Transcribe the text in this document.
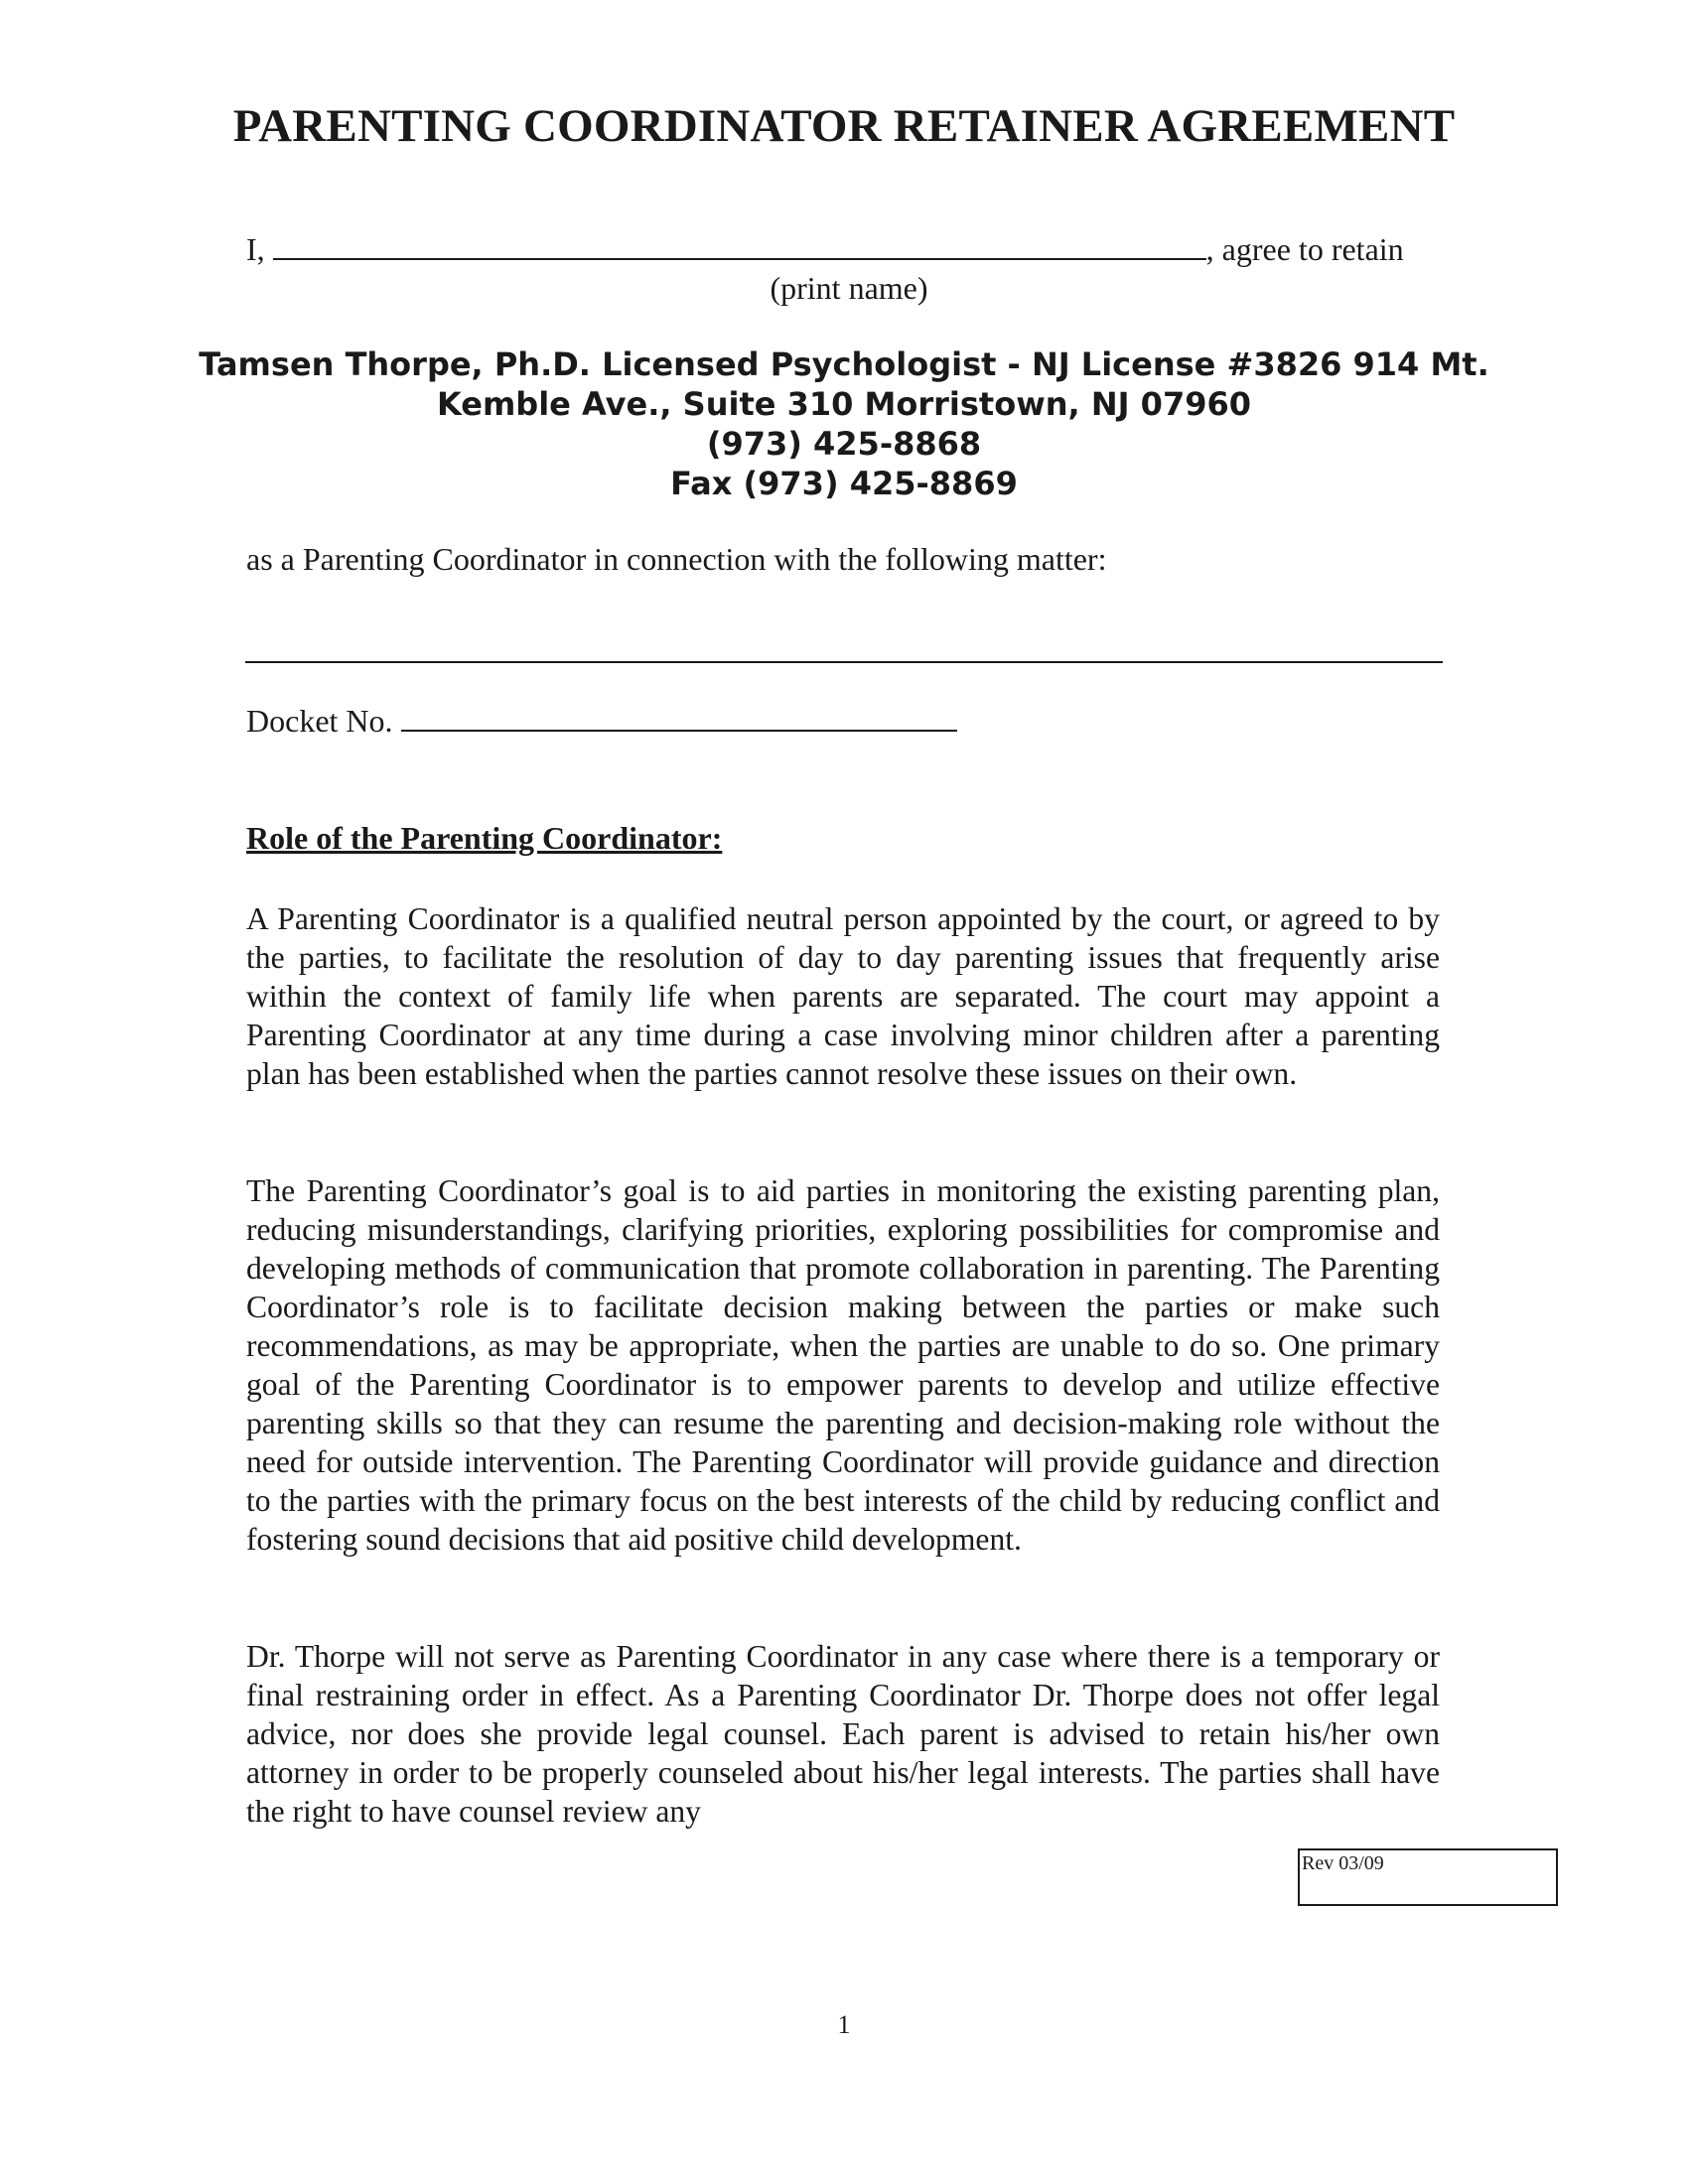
PARENTING COORDINATOR RETAINER AGREEMENT
I,	, agree to retain
(print name)
Tamsen Thorpe, Ph.D. Licensed Psychologist - NJ License #3826 914 Mt.
Kemble Ave., Suite 310 Morristown, NJ 07960
(973) 425-8868
Fax (973) 425-8869
as a Parenting Coordinator in connection with the following matter:
Docket No.
Role of the Parenting Coordinator:

A Parenting Coordinator is a qualified neutral person appointed by the court, or agreed to by the parties, to facilitate the resolution of day to day parenting issues that frequently arise within the context of family life when parents are separated. The court may appoint a Parenting Coordinator at any time during a case involving minor children after a parenting plan has been established when the parties cannot resolve these issues on their own.

The Parenting Coordinator’s goal is to aid parties in monitoring the existing parenting plan, reducing misunderstandings, clarifying priorities, exploring possibilities for compromise and developing methods of communication that promote collaboration in parenting. The Parenting Coordinator’s role is to facilitate decision making between the parties or make such recommendations, as may be appropriate, when the parties are unable to do so. One primary goal of the Parenting Coordinator is to empower parents to develop and utilize effective parenting skills so that they can resume the parenting and decision-making role without the need for outside intervention. The Parenting Coordinator will provide guidance and direction to the parties with the primary focus on the best interests of the child by reducing conflict and fostering sound decisions that aid positive child development.

Dr. Thorpe will not serve as Parenting Coordinator in any case where there is a temporary or final restraining order in effect. As a Parenting Coordinator Dr. Thorpe does not offer legal advice, nor does she provide legal counsel. Each parent is advised to retain his/her own attorney in order to be properly counseled about his/her legal interests. The parties shall have the right to have counsel review any

Rev 03/09
1
